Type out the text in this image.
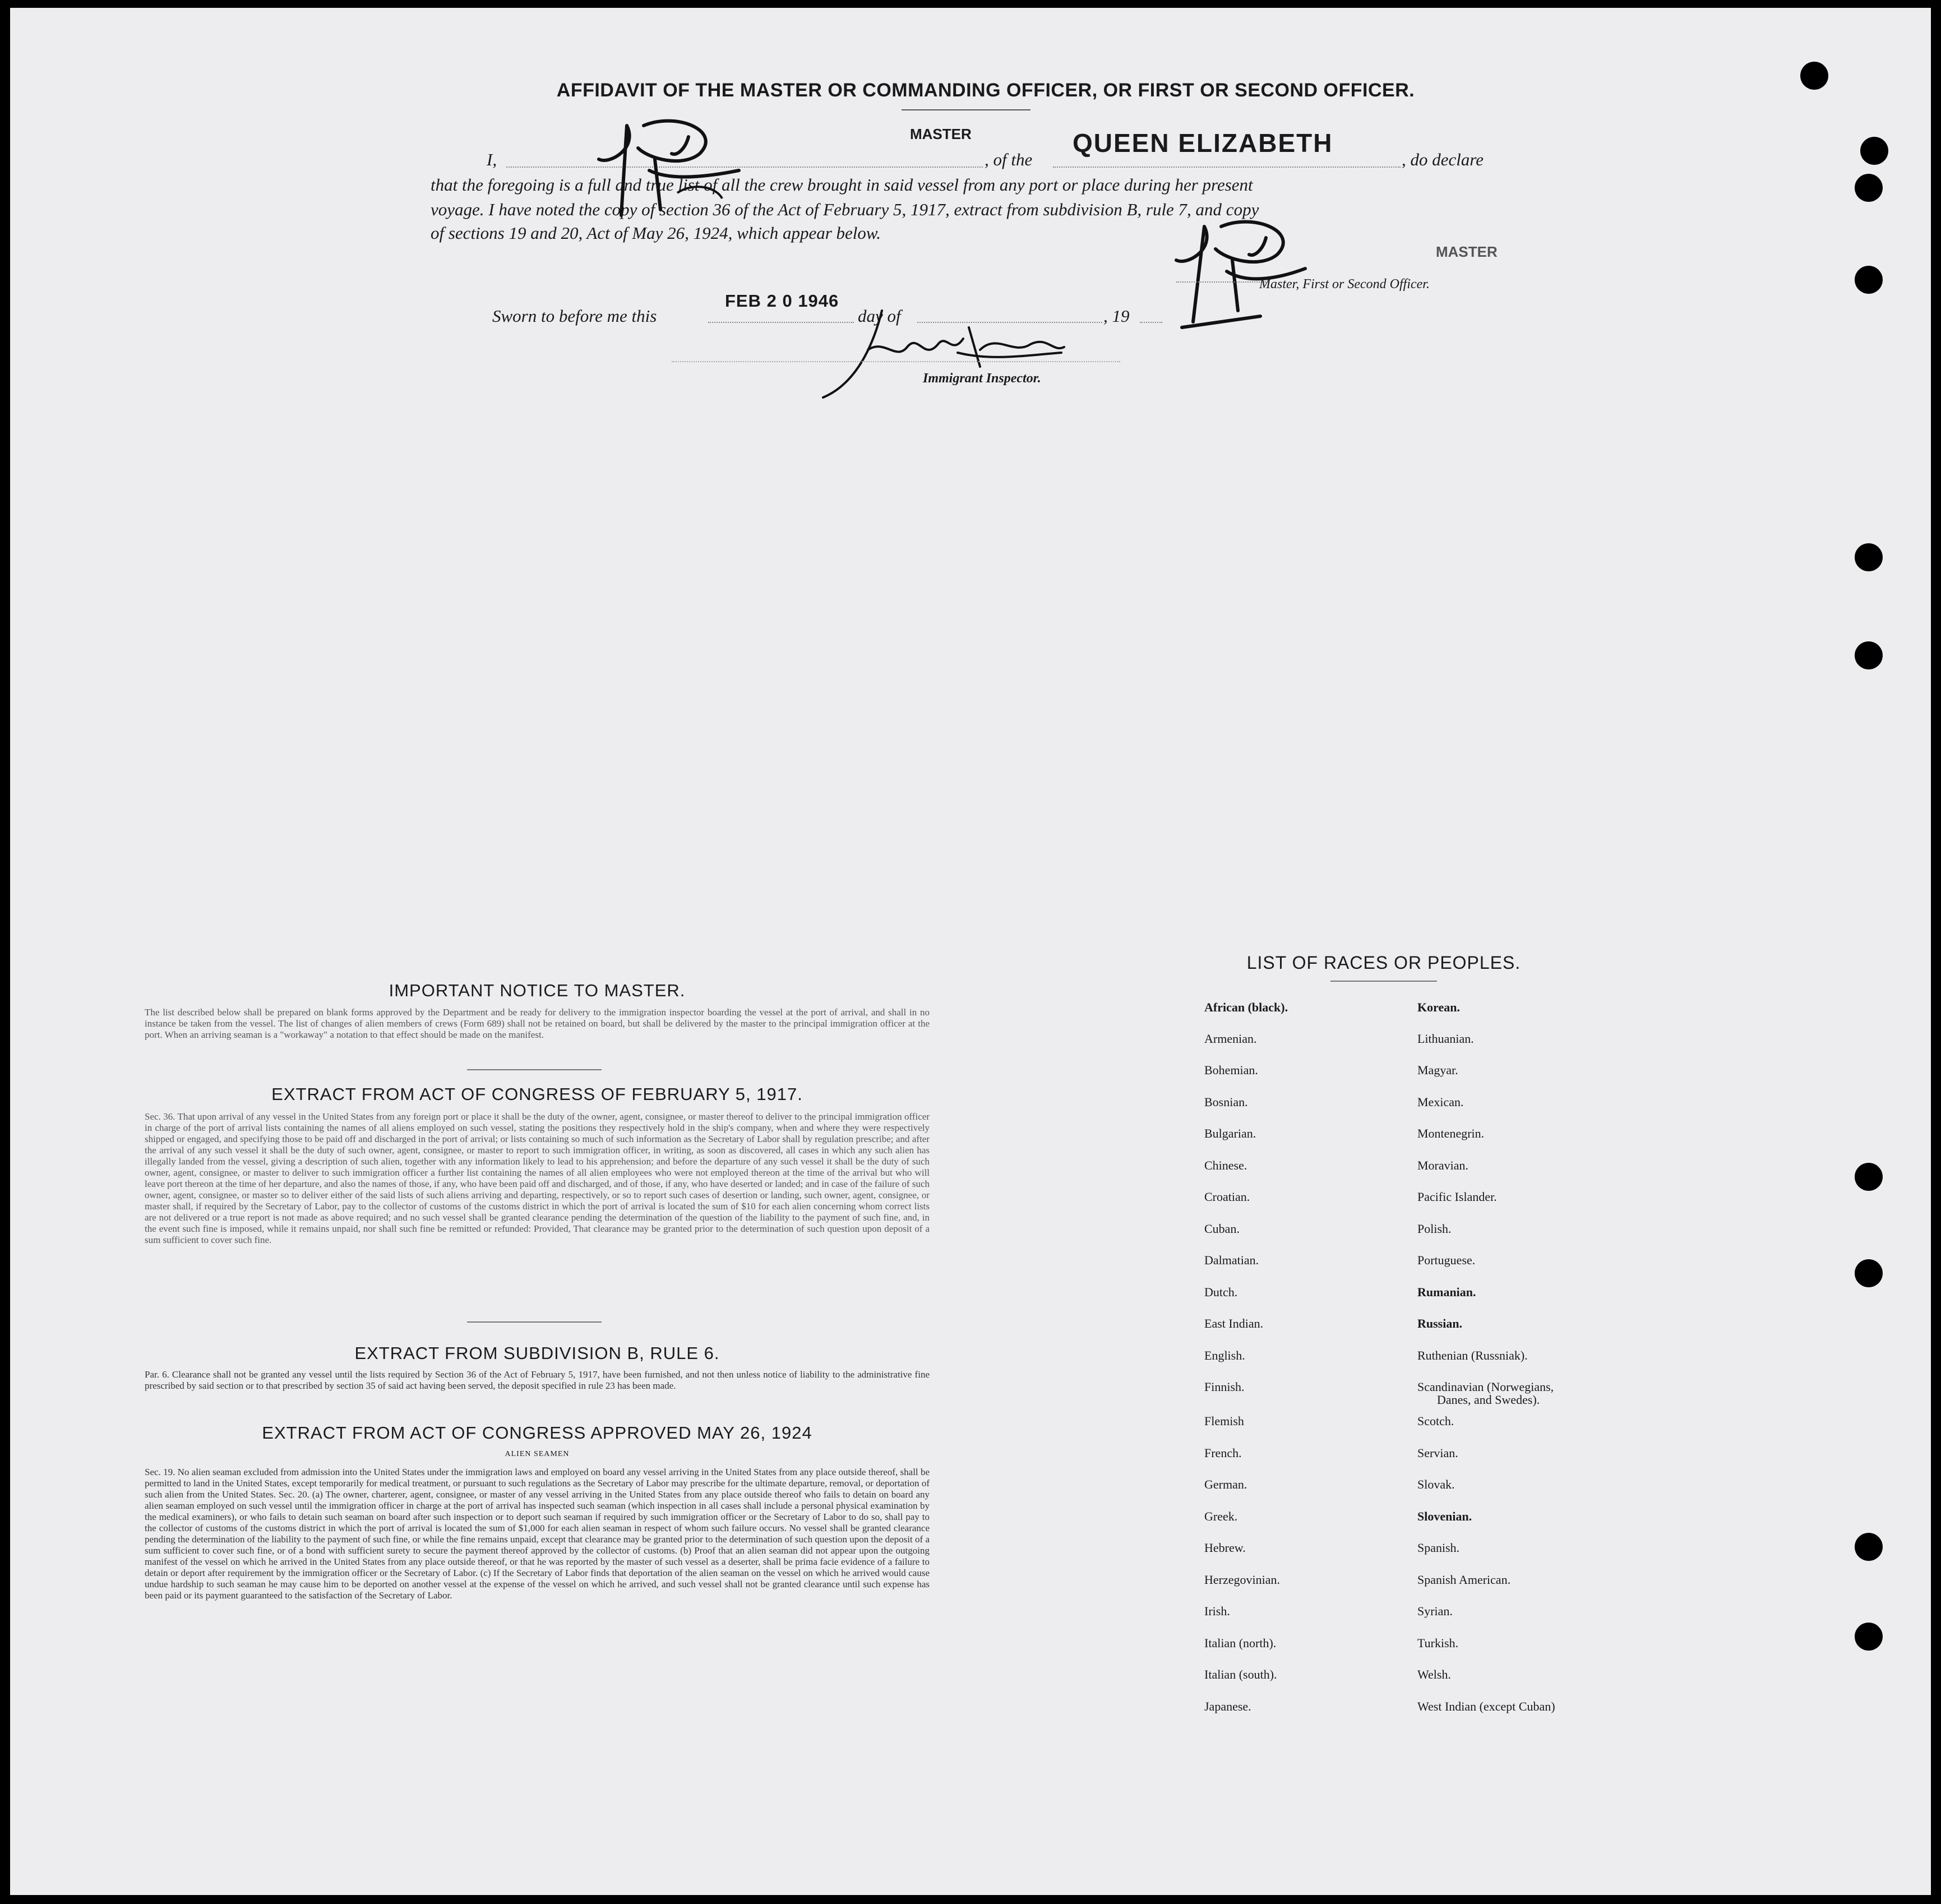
AFFIDAVIT OF THE MASTER OR COMMANDING OFFICER, OR FIRST OR SECOND OFFICER.
I,
MASTER
, of the
QUEEN ELIZABETH
, do declare
that the foregoing is a full and true list of all the crew brought in said vessel from any port or place during her present
voyage. I have noted the copy of section 36 of the Act of February 5, 1917, extract from subdivision B, rule 7, and copy
of sections 19 and 20, Act of May 26, 1924, which appear below.
MASTER
Master, First or Second Officer.
Sworn to before me this
FEB 2 0 1946
day of	, 19
Immigrant Inspector.
IMPORTANT NOTICE TO MASTER.
The list described below shall be prepared on blank forms approved by the Department and be ready for delivery to the immigration inspector boarding the vessel at the port of arrival, and shall in no instance be taken from the vessel. The list of changes of alien members of crews (Form 689) shall not be retained on board, but shall be delivered by the master to the principal immigration officer at the port. When an arriving seaman is a "workaway" a notation to that effect should be made on the manifest.
EXTRACT FROM ACT OF CONGRESS OF FEBRUARY 5, 1917.
Sec. 36. That upon arrival of any vessel in the United States from any foreign port or place it shall be the duty of the owner, agent, consignee, or master thereof to deliver to the principal immigration officer in charge of the port of arrival lists containing the names of all aliens employed on such vessel, stating the positions they respectively hold in the ship's company, when and where they were respectively shipped or engaged, and specifying those to be paid off and discharged in the port of arrival; or lists containing so much of such information as the Secretary of Labor shall by regulation prescribe; and after the arrival of any such vessel it shall be the duty of such owner, agent, consignee, or master to report to such immigration officer, in writing, as soon as discovered, all cases in which any such alien has illegally landed from the vessel, giving a description of such alien, together with any information likely to lead to his apprehension; and before the departure of any such vessel it shall be the duty of such owner, agent, consignee, or master to deliver to such immigration officer a further list containing the names of all alien employees who were not employed thereon at the time of the arrival but who will leave port thereon at the time of her departure, and also the names of those, if any, who have been paid off and discharged, and of those, if any, who have deserted or landed; and in case of the failure of such owner, agent, consignee, or master so to deliver either of the said lists of such aliens arriving and departing, respectively, or so to report such cases of desertion or landing, such owner, agent, consignee, or master shall, if required by the Secretary of Labor, pay to the collector of customs of the customs district in which the port of arrival is located the sum of $10 for each alien concerning whom correct lists are not delivered or a true report is not made as above required; and no such vessel shall be granted clearance pending the determination of the question of the liability to the payment of such fine, and, in the event such fine is imposed, while it remains unpaid, nor shall such fine be remitted or refunded: Provided, That clearance may be granted prior to the determination of such question upon deposit of a sum sufficient to cover such fine.
EXTRACT FROM SUBDIVISION B, RULE 6.
Par. 6. Clearance shall not be granted any vessel until the lists required by Section 36 of the Act of February 5, 1917, have been furnished, and not then unless notice of liability to the administrative fine prescribed by said section or to that prescribed by section 35 of said act having been served, the deposit specified in rule 23 has been made.
EXTRACT FROM ACT OF CONGRESS APPROVED MAY 26, 1924
ALIEN SEAMEN
Sec. 19. No alien seaman excluded from admission into the United States under the immigration laws and employed on board any vessel arriving in the United States from any place outside thereof, shall be permitted to land in the United States, except temporarily for medical treatment, or pursuant to such regulations as the Secretary of Labor may prescribe for the ultimate departure, removal, or deportation of such alien from the United States. Sec. 20. (a) The owner, charterer, agent, consignee, or master of any vessel arriving in the United States from any place outside thereof who fails to detain on board any alien seaman employed on such vessel until the immigration officer in charge at the port of arrival has inspected such seaman (which inspection in all cases shall include a personal physical examination by the medical examiners), or who fails to detain such seaman on board after such inspection or to deport such seaman if required by such immigration officer or the Secretary of Labor to do so, shall pay to the collector of customs of the customs district in which the port of arrival is located the sum of $1,000 for each alien seaman in respect of whom such failure occurs. No vessel shall be granted clearance pending the determination of the liability to the payment of such fine, or while the fine remains unpaid, except that clearance may be granted prior to the determination of such question upon the deposit of a sum sufficient to cover such fine, or of a bond with sufficient surety to secure the payment thereof approved by the collector of customs. (b) Proof that an alien seaman did not appear upon the outgoing manifest of the vessel on which he arrived in the United States from any place outside thereof, or that he was reported by the master of such vessel as a deserter, shall be prima facie evidence of a failure to detain or deport after requirement by the immigration officer or the Secretary of Labor. (c) If the Secretary of Labor finds that deportation of the alien seaman on the vessel on which he arrived would cause undue hardship to such seaman he may cause him to be deported on another vessel at the expense of the vessel on which he arrived, and such vessel shall not be granted clearance until such expense has been paid or its payment guaranteed to the satisfaction of the Secretary of Labor.
LIST OF RACES OR PEOPLES.
African (black).
Armenian.
Bohemian.
Bosnian.
Bulgarian.
Chinese.
Croatian.
Cuban.
Dalmatian.
Dutch.
East Indian.
English.
Finnish.
Flemish
French.
German.
Greek.
Hebrew.
Herzegovinian.
Irish.
Italian (north).
Italian (south).
Japanese.
Korean.
Lithuanian.
Magyar.
Mexican.
Montenegrin.
Moravian.
Pacific Islander.
Polish.
Portuguese.
Rumanian.
Russian.
Ruthenian (Russniak).
Scandinavian (Norwegians,
Danes, and Swedes).
Scotch.
Servian.
Slovak.
Slovenian.
Spanish.
Spanish American.
Syrian.
Turkish.
Welsh.
West Indian (except Cuban)
